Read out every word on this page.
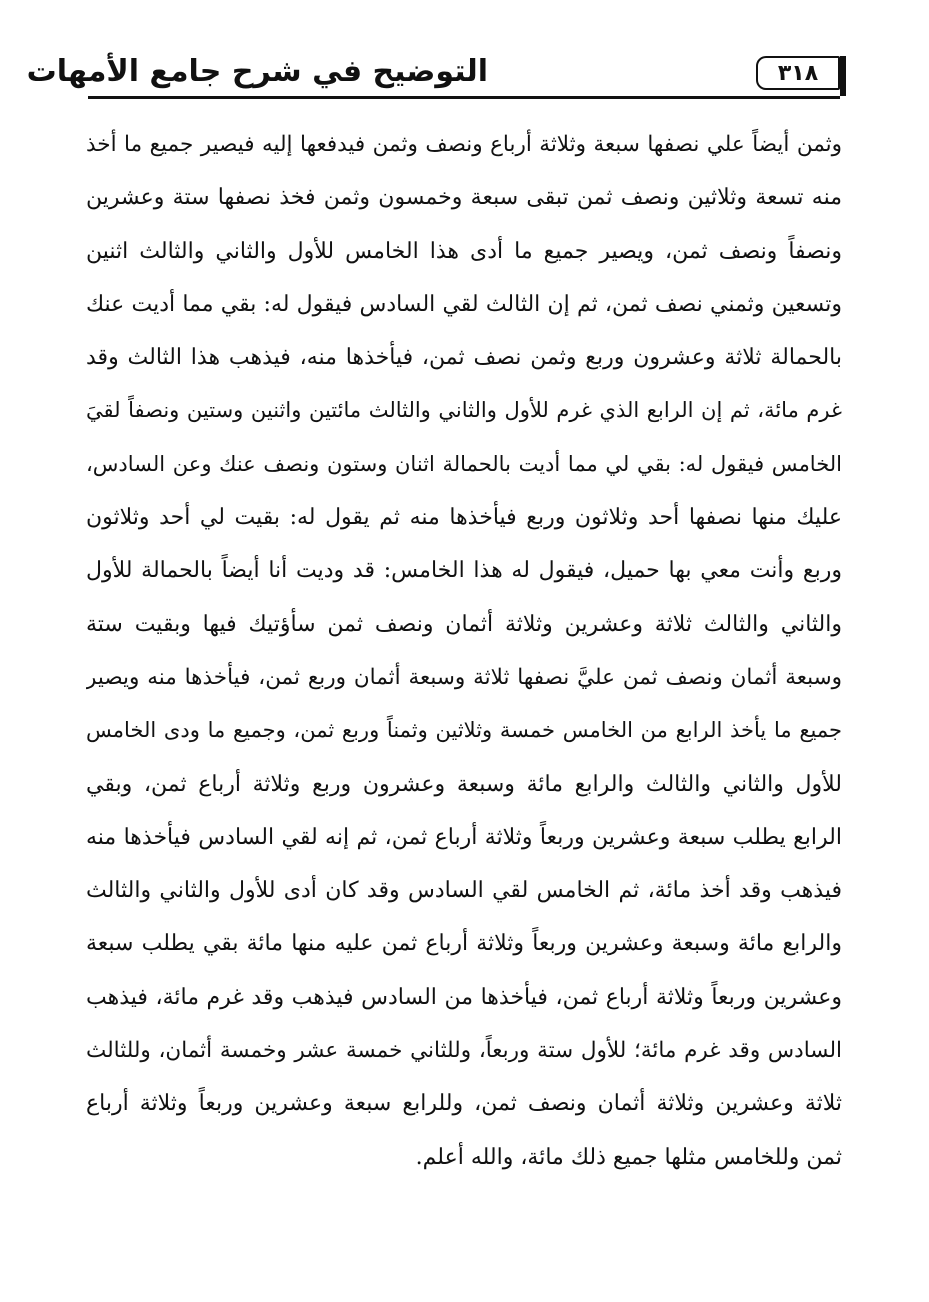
٣١٨
التوضيح في شرح جامع الأمهات
وثمن أيضاً علي نصفها سبعة وثلاثة أرباع ونصف وثمن فيدفعها إليه فيصير جميع ما أخذ
منه تسعة وثلاثين ونصف ثمن تبقى سبعة وخمسون وثمن فخذ نصفها ستة وعشرين
ونصفاً ونصف ثمن، ويصير جميع ما أدى هذا الخامس للأول والثاني والثالث اثنين
وتسعين وثمني نصف ثمن، ثم إن الثالث لقي السادس فيقول له: بقي مما أديت عنك
بالحمالة ثلاثة وعشرون وربع وثمن نصف ثمن، فيأخذها منه، فيذهب هذا الثالث وقد
غرم مائة، ثم إن الرابع الذي غرم للأول والثاني والثالث مائتين واثنين وستين ونصفاً لقيَ
الخامس فيقول له: بقي لي مما أديت بالحمالة اثنان وستون ونصف عنك وعن السادس،
عليك منها نصفها أحد وثلاثون وربع فيأخذها منه ثم يقول له: بقيت لي أحد وثلاثون
وربع وأنت معي بها حميل، فيقول له هذا الخامس: قد وديت أنا أيضاً بالحمالة للأول
والثاني والثالث ثلاثة وعشرين وثلاثة أثمان ونصف ثمن سأؤتيك فيها وبقيت ستة
وسبعة أثمان ونصف ثمن عليَّ نصفها ثلاثة وسبعة أثمان وربع ثمن، فيأخذها منه ويصير
جميع ما يأخذ الرابع من الخامس خمسة وثلاثين وثمناً وربع ثمن، وجميع ما ودى الخامس
للأول والثاني والثالث والرابع مائة وسبعة وعشرون وربع وثلاثة أرباع ثمن، وبقي
الرابع يطلب سبعة وعشرين وربعاً وثلاثة أرباع ثمن، ثم إنه لقي السادس فيأخذها منه
فيذهب وقد أخذ مائة، ثم الخامس لقي السادس وقد كان أدى للأول والثاني والثالث
والرابع مائة وسبعة وعشرين وربعاً وثلاثة أرباع ثمن عليه منها مائة بقي يطلب سبعة
وعشرين وربعاً وثلاثة أرباع ثمن، فيأخذها من السادس فيذهب وقد غرم مائة، فيذهب
السادس وقد غرم مائة؛ للأول ستة وربعاً، وللثاني خمسة عشر وخمسة أثمان، وللثالث
ثلاثة وعشرين وثلاثة أثمان ونصف ثمن، وللرابع سبعة وعشرين وربعاً وثلاثة أرباع
ثمن وللخامس مثلها جميع ذلك مائة، والله أعلم.
